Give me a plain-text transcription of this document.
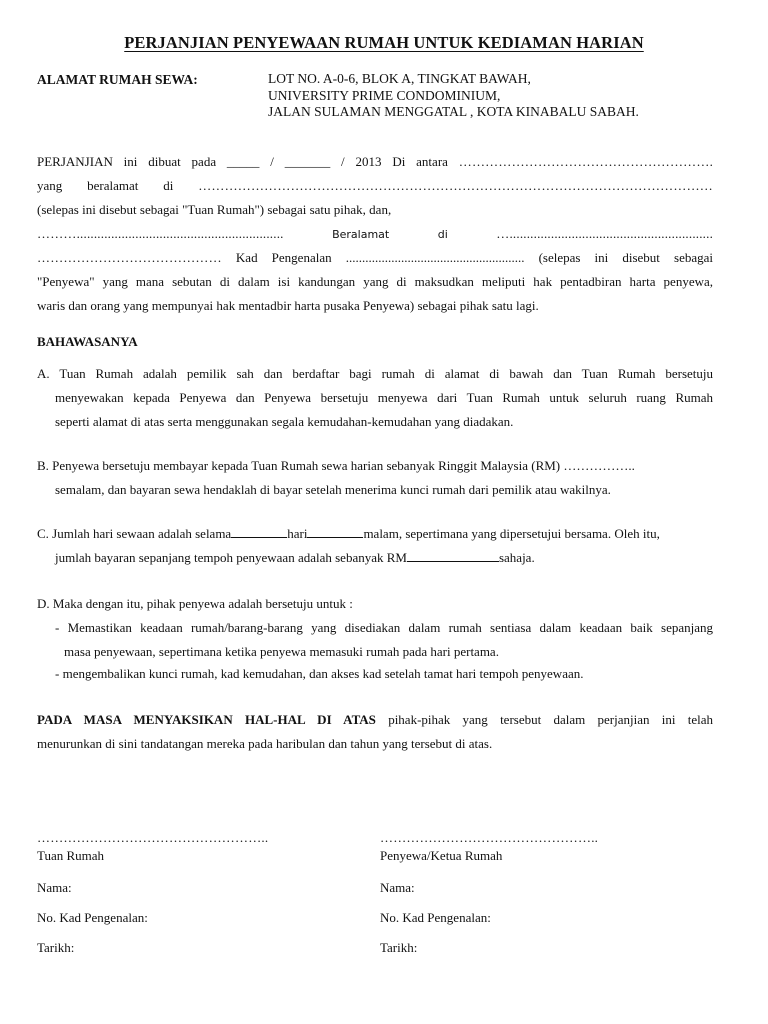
PERJANJIAN PENYEWAAN RUMAH UNTUK KEDIAMAN HARIAN
ALAMAT RUMAH SEWA:	LOT NO. A-0-6, BLOK A, TINGKAT BAWAH,
UNIVERSITY PRIME CONDOMINIUM,
JALAN SULAMAN MENGGATAL , KOTA KINABALU SABAH.
PERJANJIAN ini dibuat pada _____ / _______ / 2013 Di antara ………………………………………………….
yang beralamat di ………………………………………………………………………………………………………
(selepas ini disebut sebagai "Tuan Rumah") sebagai satu pihak, dan,
………............................................................	Beralamat	di	…...........................................................
…………………………………… Kad Pengenalan ....................................................... (selepas ini disebut sebagai
"Penyewa" yang mana sebutan di dalam isi kandungan yang di maksudkan meliputi hak pentadbiran harta penyewa,
waris dan orang yang mempunyai hak mentadbir harta pusaka Penyewa) sebagai pihak satu lagi.
BAHAWASANYA
A. Tuan Rumah adalah pemilik sah dan berdaftar bagi rumah di alamat di bawah dan Tuan Rumah bersetuju
menyewakan kepada Penyewa dan Penyewa bersetuju menyewa dari Tuan Rumah untuk seluruh ruang Rumah
seperti alamat di atas serta menggunakan segala kemudahan-kemudahan yang diadakan.
B. Penyewa bersetuju membayar kepada Tuan Rumah sewa harian sebanyak Ringgit Malaysia (RM) ……………..
semalam, dan bayaran sewa hendaklah di bayar setelah menerima kunci rumah dari pemilik atau wakilnya.
C. Jumlah hari sewaan adalah selama	hari	malam, sepertimana yang dipersetujui bersama. Oleh itu,
jumlah bayaran sepanjang tempoh penyewaan adalah sebanyak RM	sahaja.
D. Maka dengan itu, pihak penyewa adalah bersetuju untuk :
- Memastikan keadaan rumah/barang-barang yang disediakan dalam rumah sentiasa dalam keadaan baik sepanjang
masa penyewaan, sepertimana ketika penyewa memasuki rumah pada hari pertama.
- mengembalikan kunci rumah, kad kemudahan, dan akses kad setelah tamat hari tempoh penyewaan.
PADA MASA MENYAKSIKAN HAL-HAL DI ATAS pihak-pihak yang tersebut dalam perjanjian ini telah
menurunkan di sini tandatangan mereka pada haribulan dan tahun yang tersebut di atas.
……………………………………………..
Tuan Rumah
Nama:
No. Kad Pengenalan:
Tarikh:
…………………………………………..
Penyewa/Ketua Rumah
Nama:
No. Kad Pengenalan:
Tarikh:
